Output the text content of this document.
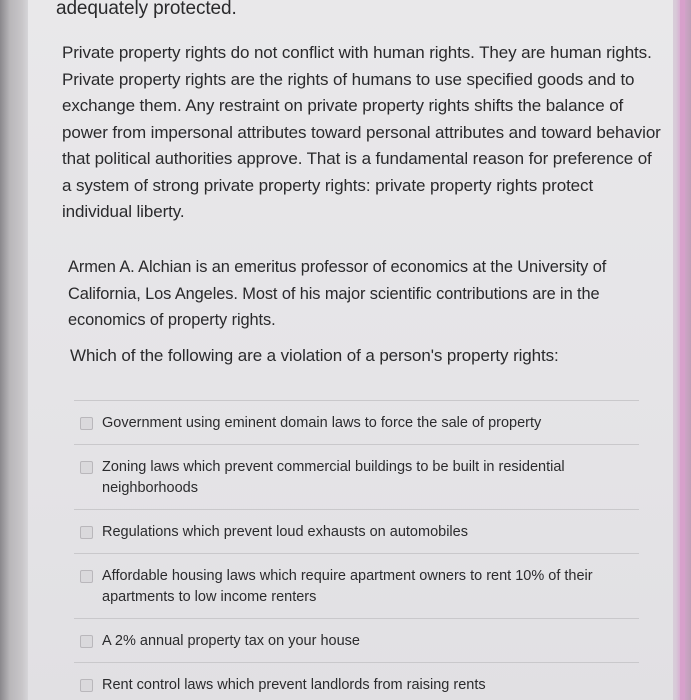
adequately protected.
Private property rights do not conflict with human rights. They are human rights. Private property rights are the rights of humans to use specified goods and to exchange them. Any restraint on private property rights shifts the balance of power from impersonal attributes toward personal attributes and toward behavior that political authorities approve. That is a fundamental reason for preference of a system of strong private property rights: private property rights protect individual liberty.
Armen A. Alchian is an emeritus professor of economics at the University of California, Los Angeles. Most of his major scientific contributions are in the economics of property rights.
Which of the following are a violation of a person's property rights:
Government using eminent domain laws to force the sale of property
Zoning laws which prevent commercial buildings to be built in residential neighborhoods
Regulations which prevent loud exhausts on automobiles
Affordable housing laws which require apartment owners to rent 10% of their apartments to low income renters
A 2% annual property tax on your house
Rent control laws which prevent landlords from raising rents
